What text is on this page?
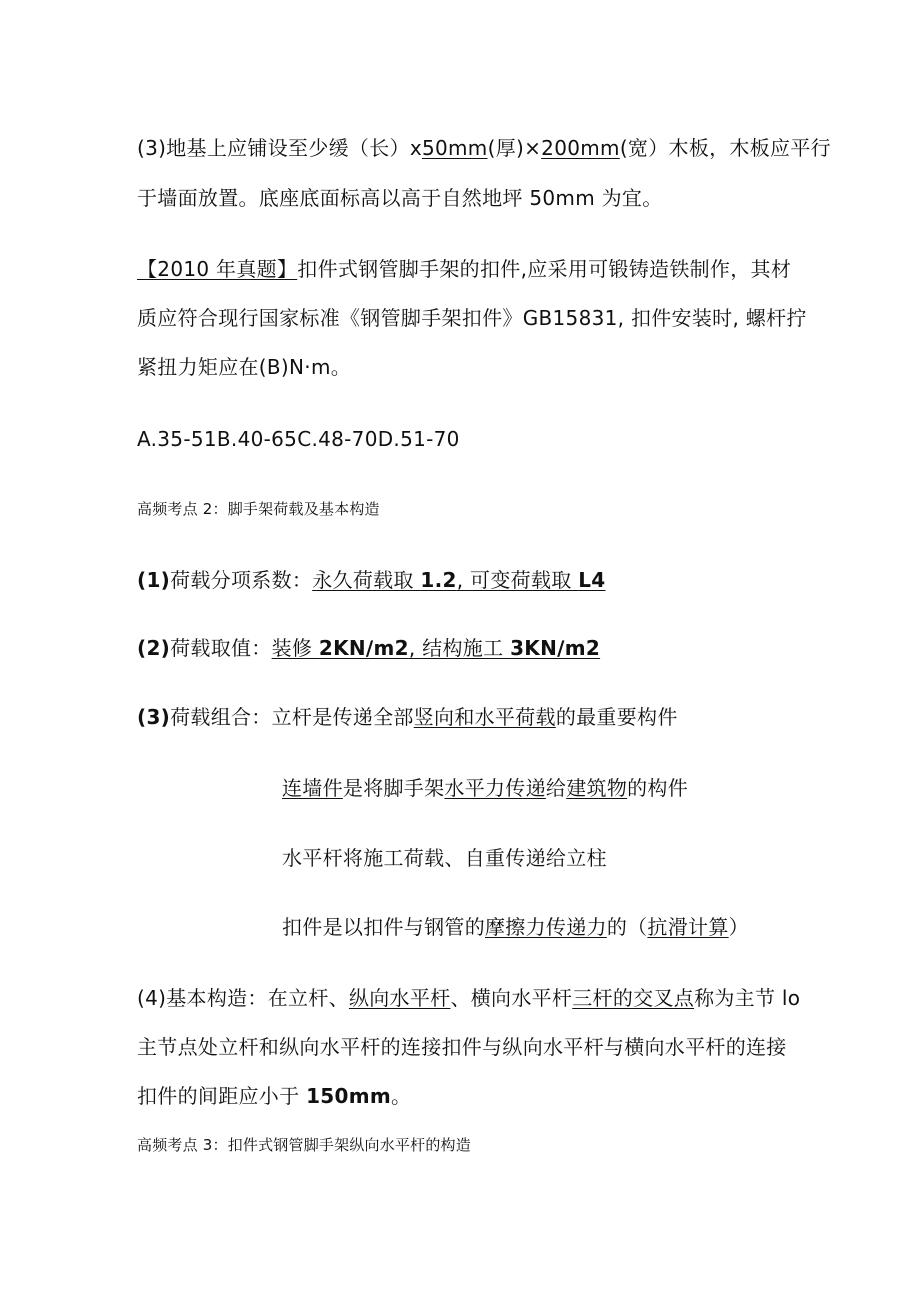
(3)地基上应铺设至少缓（长）x50mm(厚)×200mm(宽）木板，木板应平行
于墙面放置。底座底面标高以高于自然地坪 50mm 为宜。
【2010 年真题】扣件式钢管脚手架的扣件,应采用可锻铸造铁制作，其材
质应符合现行国家标准《钢管脚手架扣件》GB15831, 扣件安装时, 螺杆拧
紧扭力矩应在(B)N·m。
A.35-51B.40-65C.48-70D.51-70
高频考点 2：脚手架荷载及基本构造
(1)荷载分项系数：永久荷载取 1.2, 可变荷载取 L4
(2)荷载取值：装修 2KN∕m2, 结构施工 3KN∕m2
(3)荷载组合：立杆是传递全部竖向和水平荷载的最重要构件
连墙件是将脚手架水平力传递给建筑物的构件
水平杆将施工荷载、自重传递给立柱
扣件是以扣件与钢管的摩擦力传递力的（抗滑计算）
(4)基本构造：在立杆、纵向水平杆、横向水平杆三杆的交叉点称为主节 lo
主节点处立杆和纵向水平杆的连接扣件与纵向水平杆与横向水平杆的连接
扣件的间距应小于 150mm。
高频考点 3：扣件式钢管脚手架纵向水平杆的构造
